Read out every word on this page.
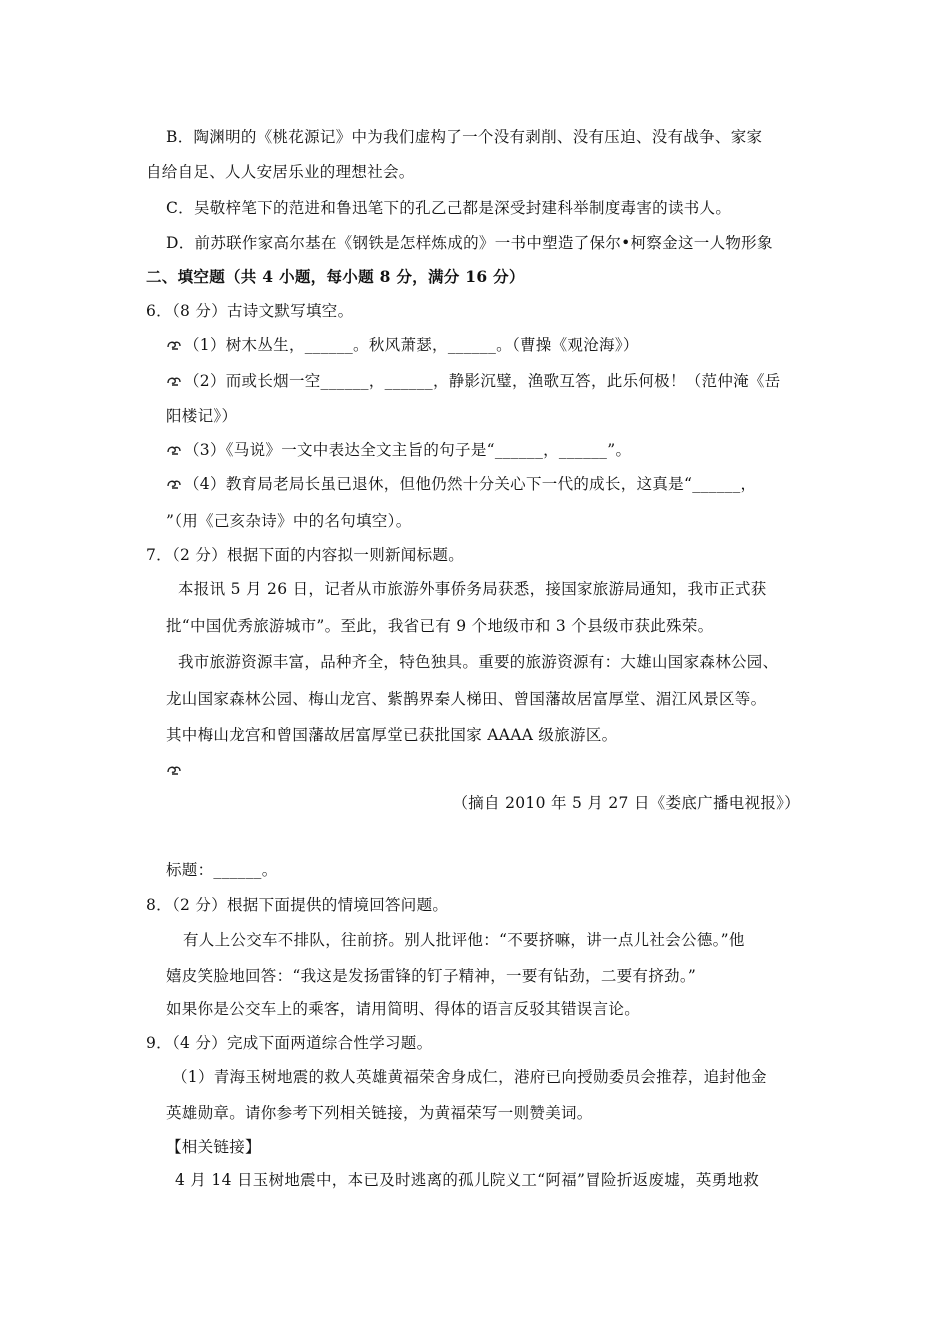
B．陶渊明的《桃花源记》中为我们虚构了一个没有剥削、没有压迫、没有战争、家家
自给自足、人人安居乐业的理想社会。
C．吴敬梓笔下的范进和鲁迅笔下的孔乙己都是深受封建科举制度毒害的读书人。
D．前苏联作家高尔基在《钢铁是怎样炼成的》一书中塑造了保尔•柯察金这一人物形象
二、填空题（共 4 小题，每小题 8 分，满分 16 分）
6．（8 分）古诗文默写填空。
（1）树木丛生，______。秋风萧瑟，______。（曹操《观沧海》）
（2）而或长烟一空______，______，静影沉璧，渔歌互答，此乐何极！（范仲淹《岳
阳楼记》）
（3）《马说》一文中表达全文主旨的句子是“______，______”。
（4）教育局老局长虽已退休，但他仍然十分关心下一代的成长，这真是“______，
”（用《己亥杂诗》中的名句填空）。
7．（2 分）根据下面的内容拟一则新闻标题。
本报讯 5 月 26 日，记者从市旅游外事侨务局获悉，接国家旅游局通知，我市正式获
批“中国优秀旅游城市”。至此，我省已有 9 个地级市和 3 个县级市获此殊荣。
我市旅游资源丰富，品种齐全，特色独具。重要的旅游资源有：大雄山国家森林公园、
龙山国家森林公园、梅山龙宫、紫鹊界秦人梯田、曾国藩故居富厚堂、湄江风景区等。
其中梅山龙宫和曾国藩故居富厚堂已获批国家 AAAA 级旅游区。
（摘自 2010 年 5 月 27 日《娄底广播电视报》）
标题：______。
8．（2 分）根据下面提供的情境回答问题。
有人上公交车不排队，往前挤。别人批评他：“不要挤嘛，讲一点儿社会公德。”他
嬉皮笑脸地回答：“我这是发扬雷锋的钉子精神，一要有钻劲，二要有挤劲。”
如果你是公交车上的乘客，请用简明、得体的语言反驳其错误言论。
9．（4 分）完成下面两道综合性学习题。
（1）青海玉树地震的救人英雄黄福荣舍身成仁，港府已向授勋委员会推荐，追封他金
英雄勋章。请你参考下列相关链接，为黄福荣写一则赞美词。
【相关链接】
4 月 14 日玉树地震中，本已及时逃离的孤儿院义工“阿福”冒险折返废墟，英勇地救
